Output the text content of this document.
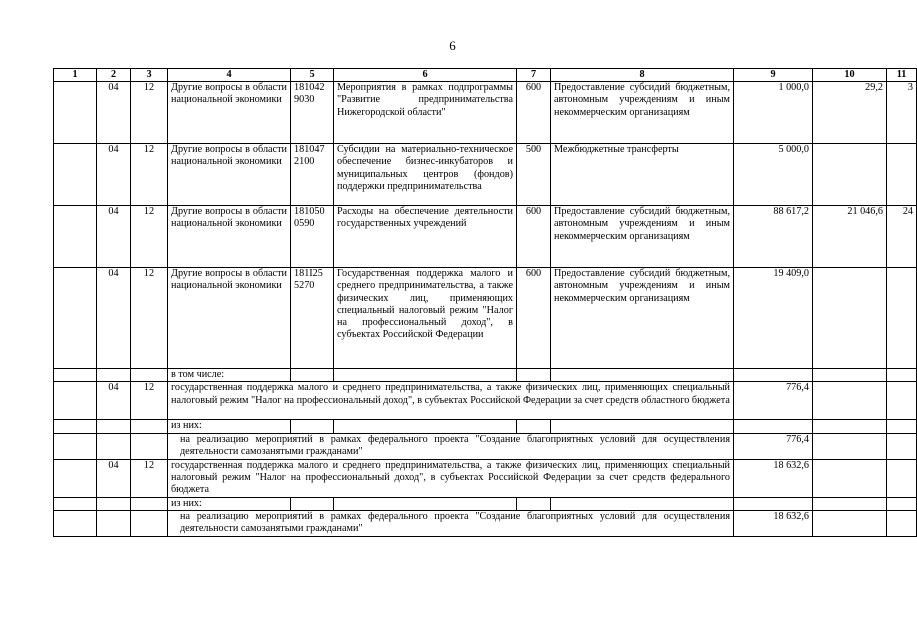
6
1	2	3	4	5	6	7	8	9	10	11
	04	12	Другие вопросы в области национальной экономики	181042 9030	Мероприятия в рамках подпрограммы "Развитие предпринимательства Нижегородской области"	600	Предоставление субсидий бюджетным, автономным учреждениям и иным некоммерческим организациям	1 000,0	29,2	3
	04	12	Другие вопросы в области национальной экономики	181047 2100	Субсидии на материально-техническое обеспечение бизнес-инкубаторов и муниципальных центров (фондов) поддержки предпринимательства	500	Межбюджетные трансферты	5 000,0		
	04	12	Другие вопросы в области национальной экономики	181050 0590	Расходы на обеспечение деятельности государственных учреждений	600	Предоставление субсидий бюджетным, автономным учреждениям и иным некоммерческим организациям	88 617,2	21 046,6	24
	04	12	Другие вопросы в области национальной экономики	181I25 5270	Государственная поддержка малого и среднего предпринимательства, а также физических лиц, применяющих специальный налоговый режим "Налог на профессиональный доход", в субъектах Российской Федерации	600	Предоставление субсидий бюджетным, автономным учреждениям и иным некоммерческим организациям	19 409,0		
			в том числе:							
	04	12	государственная поддержка малого и среднего предпринимательства, а также физических лиц, применяющих специальный налоговый режим "Налог на профессиональный доход", в субъектах Российской Федерации за счет средств областного бюджета					776,4		
			из них:							
			на реализацию мероприятий в рамках федерального проекта "Создание благоприятных условий для осуществления деятельности самозанятыми гражданами"					776,4		
	04	12	государственная поддержка малого и среднего предпринимательства, а также физических лиц, применяющих специальный налоговый режим "Налог на профессиональный доход", в субъектах Российской Федерации за счет средств федерального бюджета					18 632,6		
			из них:							
			на реализацию мероприятий в рамках федерального проекта "Создание благоприятных условий для осуществления деятельности самозанятыми гражданами"					18 632,6		
